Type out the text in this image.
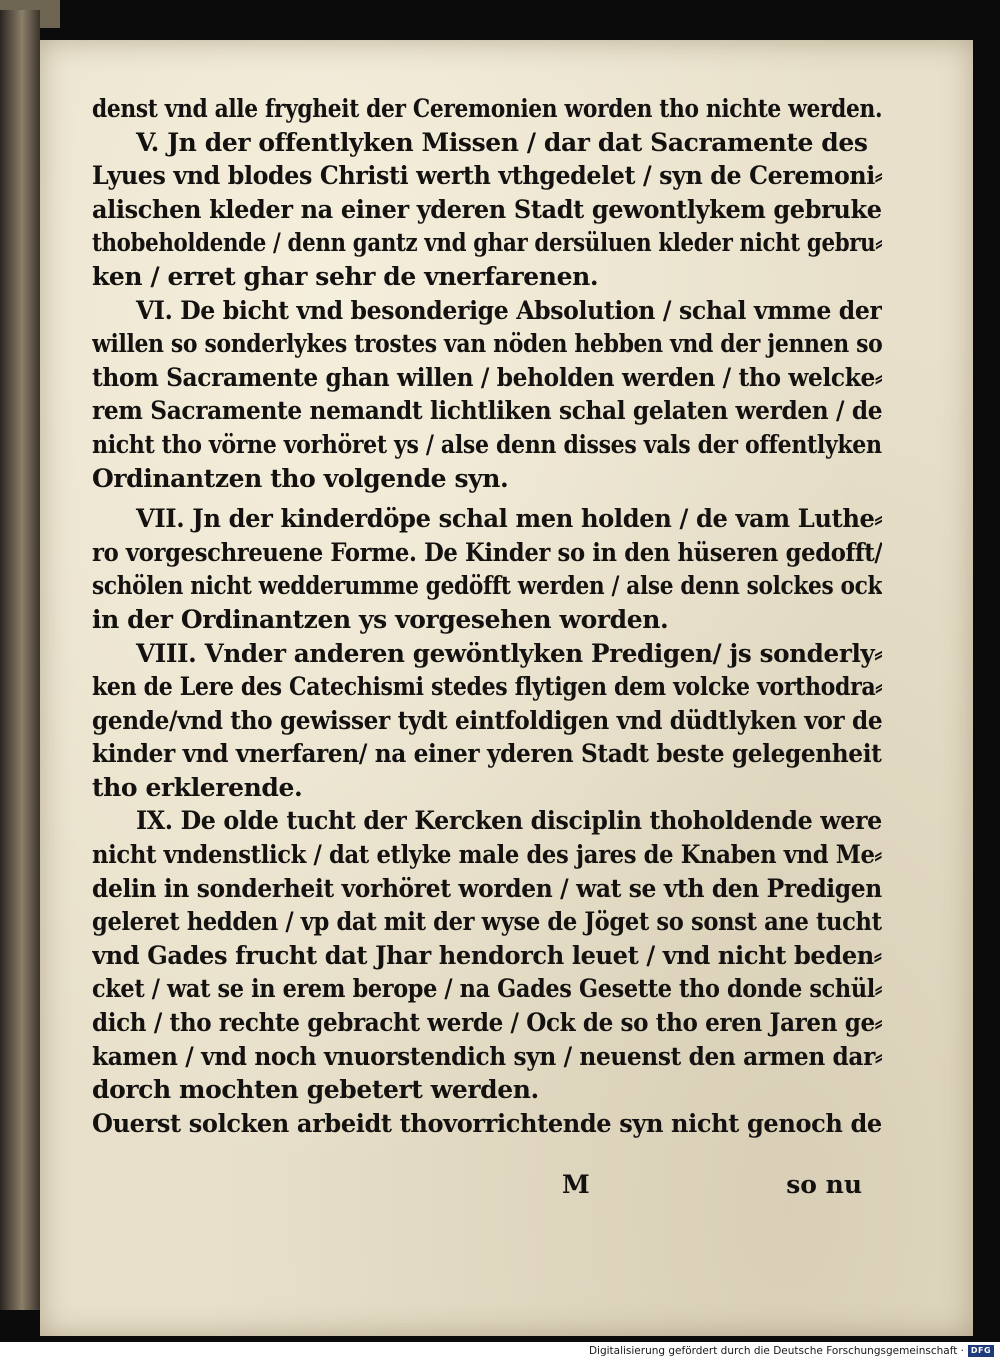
denst vnd alle frygheit der Ceremonien worden tho nichte werden.
V. Jn der offentlyken Missen / dar dat Sacramente des
Lyues vnd blodes Christi werth vthgedelet / syn de Ceremoni⸗
alischen kleder na einer yderen Stadt gewontlykem gebruke
thobeholdende / denn gantz vnd ghar dersüluen kleder nicht gebru⸗
ken / erret ghar sehr de vnerfarenen.
VI. De bicht vnd besonderige Absolution / schal vmme der
willen so sonderlykes trostes van nöden hebben vnd der jennen so
thom Sacramente ghan willen / beholden werden / tho welcke⸗
rem Sacramente nemandt lichtliken schal gelaten werden / de
nicht tho vörne vorhöret ys / alse denn disses vals der offentlyken
Ordinantzen tho volgende syn.
VII. Jn der kinderdöpe schal men holden / de vam Luthe⸗
ro vorgeschreuene Forme. De Kinder so in den hüseren gedofft/
schölen nicht wedderumme gedöfft werden / alse denn solckes ock
in der Ordinantzen ys vorgesehen worden.
VIII. Vnder anderen gewöntlyken Predigen/ js sonderly⸗
ken de Lere des Catechismi stedes flytigen dem volcke vorthodra⸗
gende/vnd tho gewisser tydt eintfoldigen vnd düdtlyken vor de
kinder vnd vnerfaren/ na einer yderen Stadt beste gelegenheit
tho erklerende.
IX. De olde tucht der Kercken disciplin thoholdende were
nicht vndenstlick / dat etlyke male des jares de Knaben vnd Me⸗
delin in sonderheit vorhöret worden / wat se vth den Predigen
geleret hedden / vp dat mit der wyse de Jöget so sonst ane tucht
vnd Gades frucht dat Jhar hendorch leuet / vnd nicht beden⸗
cket / wat se in erem berope / na Gades Gesette tho donde schül⸗
dich / tho rechte gebracht werde / Ock de so tho eren Jaren ge⸗
kamen / vnd noch vnuorstendich syn / neuenst den armen dar⸗
dorch mochten gebetert werden.
Ouerst solcken arbeidt thovorrichtende syn nicht genoch de
M	so nu
Digitalisierung gefördert durch die Deutsche Forschungsgemeinschaft · DFG
